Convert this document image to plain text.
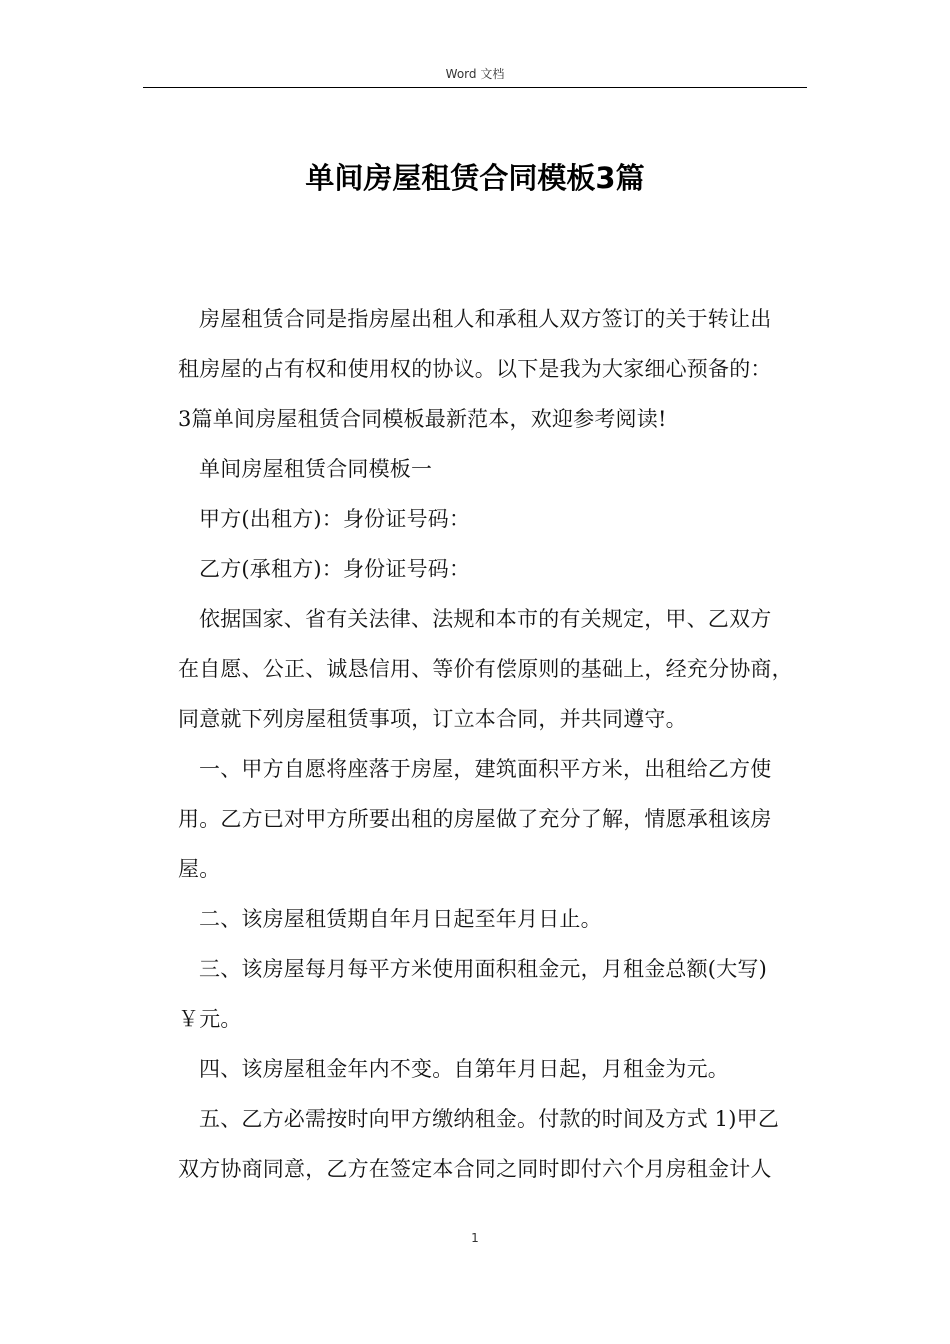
Word 文档
单间房屋租赁合同模板3篇
房屋租赁合同是指房屋出租人和承租人双方签订的关于转让出
租房屋的占有权和使用权的协议。以下是我为大家细心预备的：
3篇单间房屋租赁合同模板最新范本，欢迎参考阅读!
单间房屋租赁合同模板一
甲方(出租方)：身份证号码：
乙方(承租方)：身份证号码：
依据国家、省有关法律、法规和本市的有关规定，甲、乙双方
在自愿、公正、诚恳信用、等价有偿原则的基础上，经充分协商，
同意就下列房屋租赁事项，订立本合同，并共同遵守。
一、甲方自愿将座落于房屋，建筑面积平方米，出租给乙方使
用。乙方已对甲方所要出租的房屋做了充分了解，情愿承租该房
屋。
二、该房屋租赁期自年月日起至年月日止。
三、该房屋每月每平方米使用面积租金元，月租金总额(大写)
￥元。
四、该房屋租金年内不变。自第年月日起，月租金为元。
五、乙方必需按时向甲方缴纳租金。付款的时间及方式 1)甲乙
双方协商同意，乙方在签定本合同之同时即付六个月房租金计人
1
